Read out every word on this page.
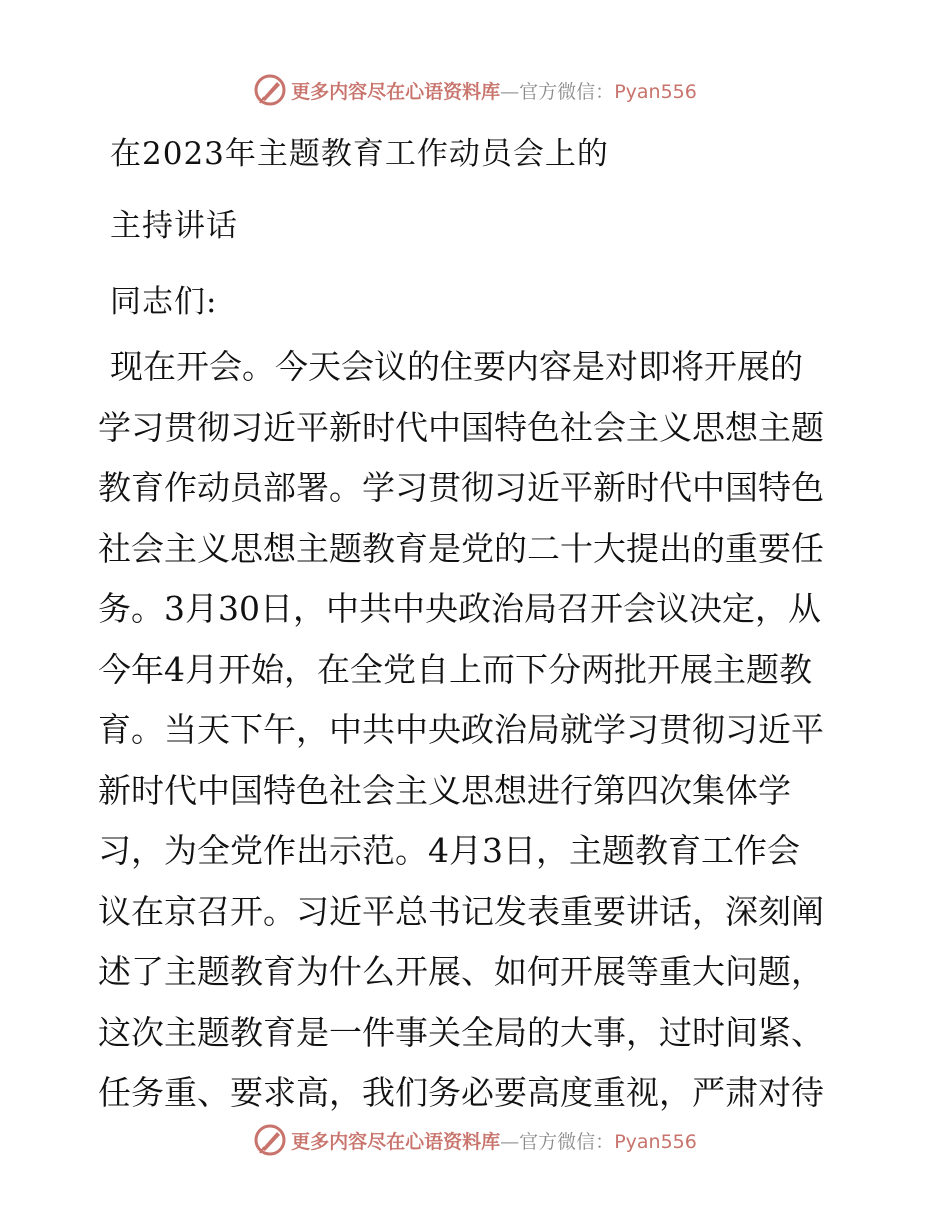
更多内容尽在心语资料库—官方微信：Pyan556
在2023年主题教育工作动员会上的
主持讲话
同志们:
现在开会。今天会议的住要内容是对即将开展的
学习贯彻习近平新时代中国特色社会主义思想主题
教育作动员部署。学习贯彻习近平新时代中国特色
社会主义思想主题教育是党的二十大提出的重要任
务。3月30日，中共中央政治局召开会议决定，从
今年4月开始，在全党自上而下分两批开展主题教
育。当天下午，中共中央政治局就学习贯彻习近平
新时代中国特色社会主义思想进行第四次集体学
习，为全党作出示范。4月3日，主题教育工作会
议在京召开。习近平总书记发表重要讲话，深刻阐
述了主题教育为什么开展、如何开展等重大问题，
这次主题教育是一件事关全局的大事，过时间紧、
任务重、要求高，我们务必要高度重视，严肃对待
更多内容尽在心语资料库—官方微信：Pyan556
